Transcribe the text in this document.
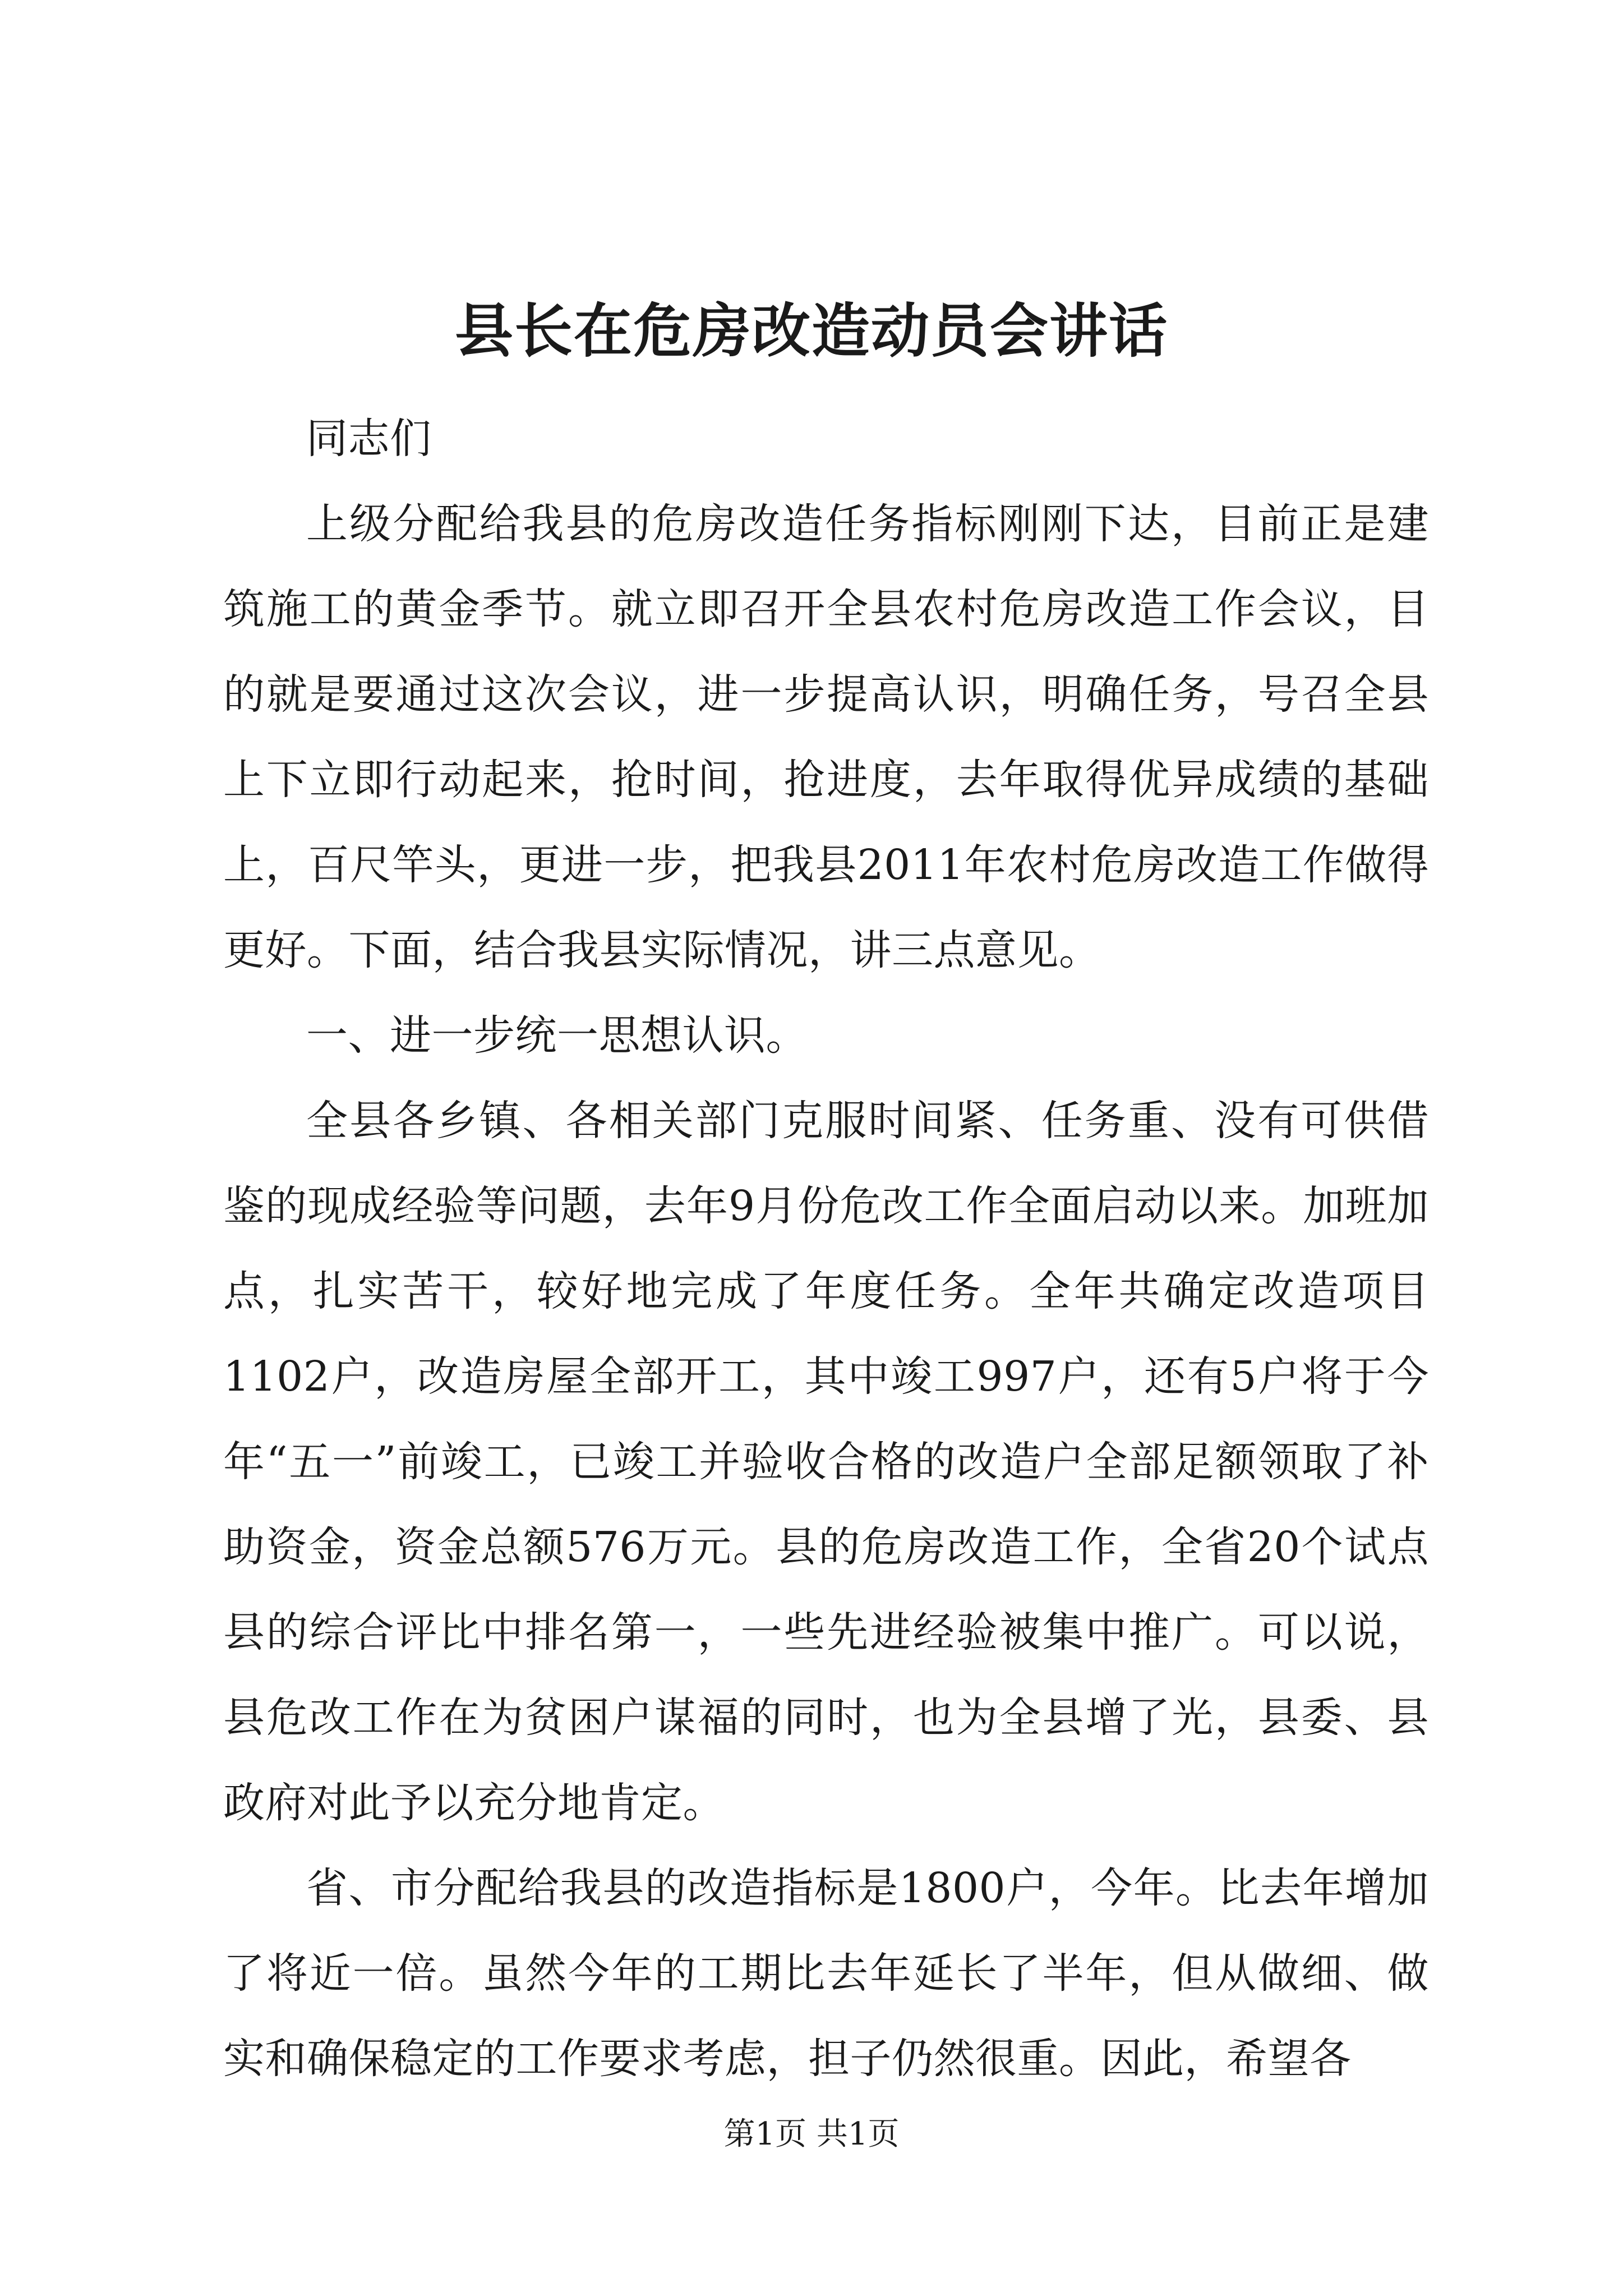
县长在危房改造动员会讲话

同志们

上级分配给我县的危房改造任务指标刚刚下达，目前正是建筑施工的黄金季节。就立即召开全县农村危房改造工作会议，目的就是要通过这次会议，进一步提高认识，明确任务，号召全县上下立即行动起来，抢时间，抢进度，去年取得优异成绩的基础上，百尺竿头，更进一步，把我县2011年农村危房改造工作做得更好。下面，结合我县实际情况，讲三点意见。

一、进一步统一思想认识。

全县各乡镇、各相关部门克服时间紧、任务重、没有可供借鉴的现成经验等问题，去年9月份危改工作全面启动以来。加班加点，扎实苦干，较好地完成了年度任务。全年共确定改造项目1102户，改造房屋全部开工，其中竣工997户，还有5户将于今年“五一”前竣工，已竣工并验收合格的改造户全部足额领取了补助资金，资金总额576万元。县的危房改造工作，全省20个试点县的综合评比中排名第一，一些先进经验被集中推广。可以说，县危改工作在为贫困户谋福的同时，也为全县增了光，县委、县政府对此予以充分地肯定。

省、市分配给我县的改造指标是1800户，今年。比去年增加了将近一倍。虽然今年的工期比去年延长了半年，但从做细、做实和确保稳定的工作要求考虑，担子仍然很重。因此，希望各

第1页 共1页
